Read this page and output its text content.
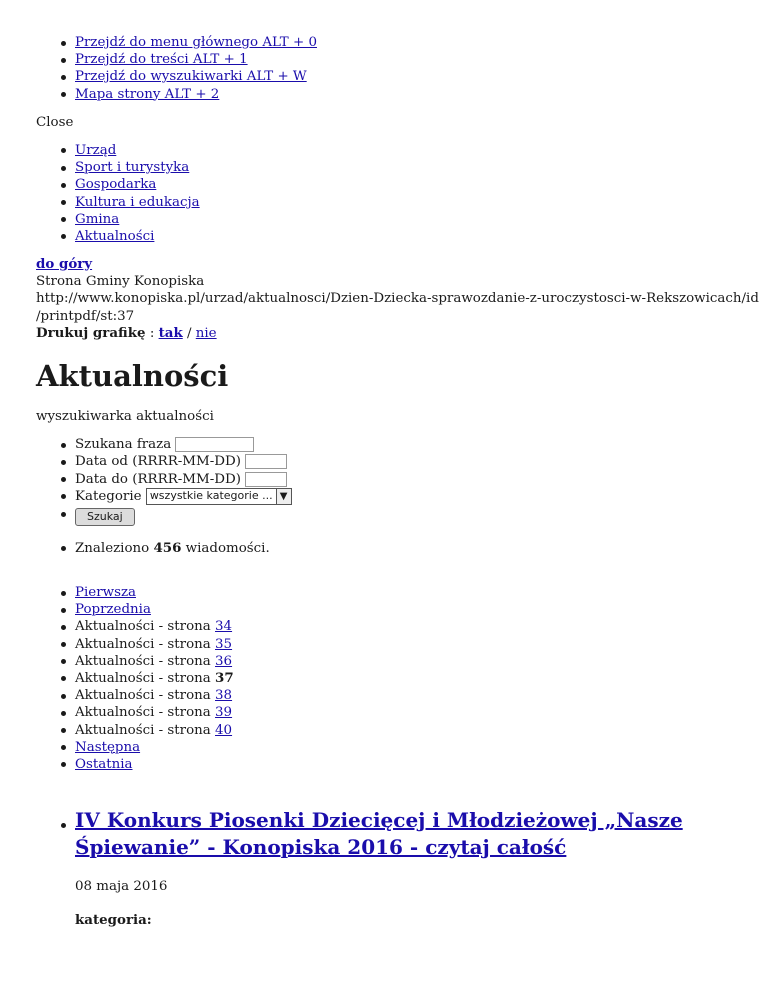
Przejdź do menu głównego ALT + 0
Przejdź do treści ALT + 1
Przejdź do wyszukiwarki ALT + W
Mapa strony ALT + 2
Close
Urząd
Sport i turystyka
Gospodarka
Kultura i edukacja
Gmina
Aktualności
do góry
Strona Gminy Konopiska
http://www.konopiska.pl/urzad/aktualnosci/Dzien-Dziecka-sprawozdanie-z-uroczystosci-w-Rekszowicach/id
/printpdf/st:37
Drukuj grafikę : tak / nie
Aktualności
wyszukiwarka aktualności
Szukana fraza
Data od (RRRR-MM-DD)
Data do (RRRR-MM-DD)
Kategorie wszystkie kategorie ... ▼
Szukaj
Znaleziono 456 wiadomości.
Pierwsza
Poprzednia
Aktualności - strona 34
Aktualności - strona 35
Aktualności - strona 36
Aktualności - strona 37
Aktualności - strona 38
Aktualności - strona 39
Aktualności - strona 40
Następna
Ostatnia
IV Konkurs Piosenki Dziecięcej i Młodzieżowej „Nasze
Śpiewanie” - Konopiska 2016 - czytaj całość
08 maja 2016
kategoria:
